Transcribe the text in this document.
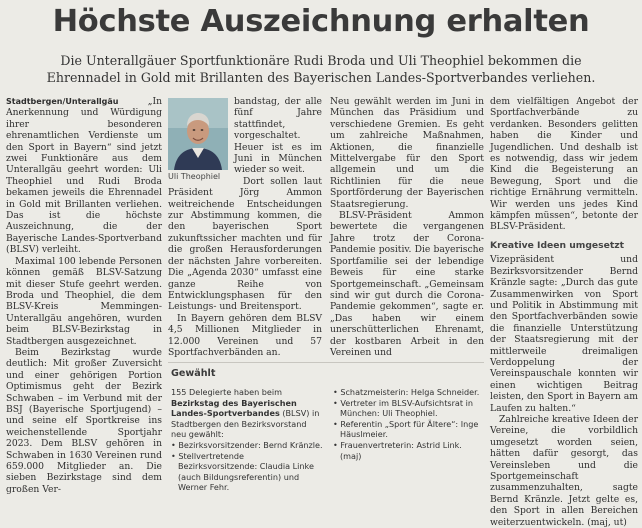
Höchste Auszeichnung erhalten
Die Unterallgäuer Sportfunktionäre Rudi Broda und Uli Theophiel bekommen die
Ehrennadel in Gold mit Brillanten des Bayerischen Landes-Sportverbandes verliehen.

Stadtbergen/Unterallgäu	„In Anerkennung und Würdigung ihrer besonderen ehrenamtlichen Verdienste um den Sport in Bayern“ sind jetzt zwei Funktionäre aus dem Unterallgäu geehrt worden: Uli Theophiel und Rudi Broda bekamen jeweils die Ehrennadel in Gold mit Brillanten verliehen. Das ist die höchste Auszeichnung, die der Bayerische Landes-Sportverband (BLSV) verleiht.

Maximal 100 lebende Personen können gemäß BLSV-Satzung mit dieser Stufe geehrt werden. Broda und Theophiel, die dem BLSV-Kreis Memmingen-Unterallgäu angehören, wurden beim BLSV-Bezirkstag in Stadtbergen ausgezeichnet.

Beim Bezirkstag wurde deutlich: Mit großer Zuversicht und einer gehörigen Portion Optimismus geht der Bezirk Schwaben – im Verbund mit der BSJ (Bayerische Sportjugend) – und seine elf Sportkreise ins weichenstellende Sportjahr 2023. Dem BLSV gehören in Schwaben in 1630 Vereinen rund 659.000 Mitglieder an. Die sieben Bezirkstage sind dem großen Ver-

Uli Theophiel

bandstag, der alle fünf Jahre stattfindet, vorgeschaltet. Heuer ist es im Juni in München wieder so weit.

Dort sollen laut Präsident Jörg Ammon weitreichende Entscheidungen zur Abstimmung kommen, die den bayerischen Sport zukunftssicher machten und für die großen Herausforderungen der nächsten Jahre vorbereiten. Die „Agenda 2030“ umfasst eine ganze Reihe von Entwicklungsphasen für den Leistungs- und Breitensport.

In Bayern gehören dem BLSV 4,5 Millionen Mitglieder in 12.000 Vereinen und 57 Sportfachverbänden an.

Neu gewählt werden im Juni in München das Präsidium und verschiedene Gremien. Es geht um zahlreiche Maßnahmen, Aktionen, die finanzielle Mittelvergabe für den Sport allgemein und um die Richtlinien für die neue Sportförderung der Bayerischen Staatsregierung.

BLSV-Präsident Ammon bewertete die vergangenen Jahre trotz der Corona-Pandemie positiv. Die bayerische Sportfamilie sei der lebendige Beweis für eine starke Sportgemeinschaft. „Gemeinsam sind wir gut durch die Corona-Pandemie gekommen“, sagte er. „Das haben wir einem unerschütterlichen Ehrenamt, der kostbaren Arbeit in den Vereinen und

dem vielfältigen Angebot der Sportfachverbände zu verdanken. Besonders gelitten haben die Kinder und Jugendlichen. Und deshalb ist es notwendig, dass wir jedem Kind die Begeisterung an Bewegung, Sport und die richtige Ernährung vermitteln. Wir werden uns jedes Kind kämpfen müssen“, betonte der BLSV-Präsident.

Kreative Ideen umgesetzt

Vizepräsident und Bezirksvorsitzender Bernd Kränzle sagte: „Durch das gute Zusammenwirken von Sport und Politik in Abstimmung mit den Sportfachverbänden sowie die finanzielle Unterstützung der Staatsregierung mit der mittlerweile dreimaligen Verdoppelung der Vereinspauschale konnten wir einen wichtigen Beitrag leisten, den Sport in Bayern am Laufen zu halten.“

Zahlreiche kreative Ideen der Vereine, die vorbildlich umgesetzt worden seien, hätten dafür gesorgt, das Vereinsleben und die Sportgemeinschaft zusammenzuhalten, sagte Bernd Kränzle. Jetzt gelte es, den Sport in allen Bereichen weiterzuentwickeln. (maj, ut)

Gewählt

155 Delegierte haben beim Bezirkstag des Bayerischen Landes-Sportverbandes (BLSV) in Stadtbergen den Bezirksvorstand neu gewählt:

• Bezirksvorsitzender: Bernd Kränzle.

• Stellvertretende Bezirksvorsitzende: Claudia Linke (auch Bildungsreferentin) und Werner Fehr.

• Schatzmeisterin: Helga Schneider.

• Vertreter im BLSV-Aufsichtsrat in München: Uli Theophiel.

• Referentin „Sport für Ältere“: Inge Häuslmeier.

• Frauenvertreterin: Astrid Link. (maj)
